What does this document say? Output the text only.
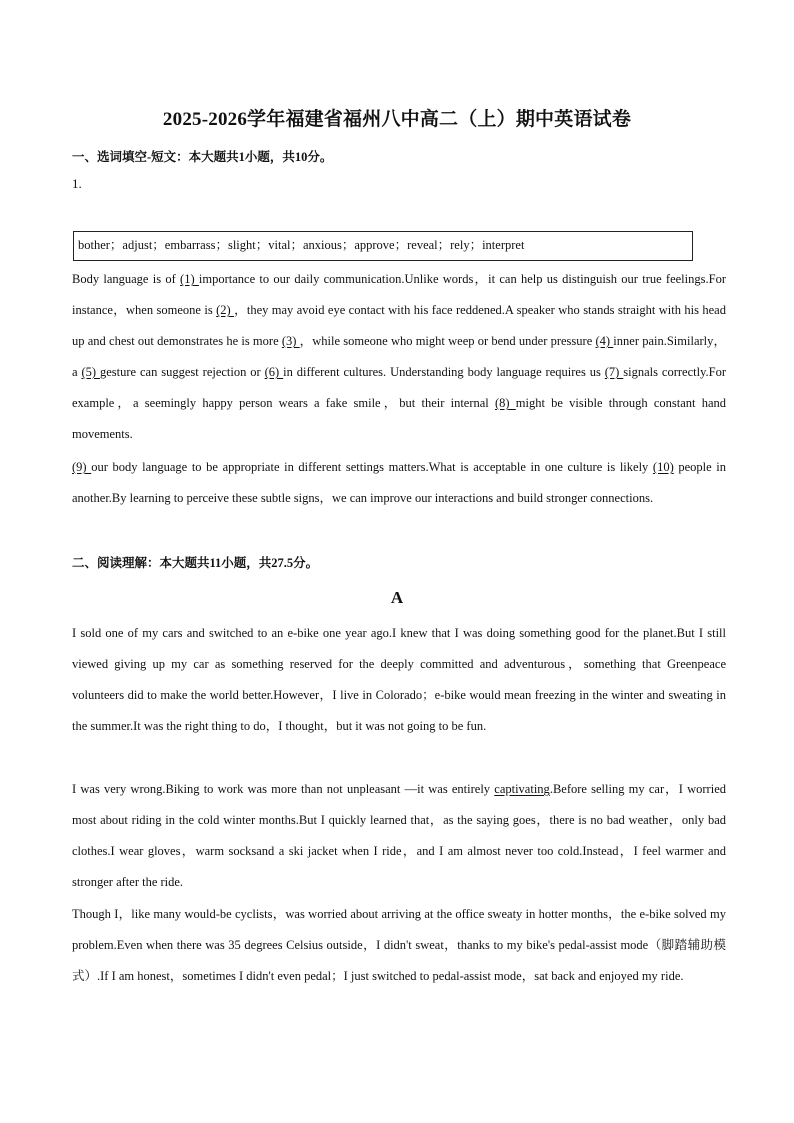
2025-2026学年福建省福州八中高二（上）期中英语试卷
一、选词填空-短文：本大题共1小题，共10分。
1.
bother；adjust；embarrass；slight；vital；anxious；approve；reveal；rely；interpret
Body language is of (1) importance to our daily communication.Unlike words，it can help us distinguish our true feelings.For instance，when someone is (2) ，they may avoid eye contact with his face reddened.A speaker who stands straight with his head up and chest out demonstrates he is more (3) ，while someone who might weep or bend under pressure (4) inner pain.Similarly，a (5) gesture can suggest rejection or (6) in different cultures. Understanding body language requires us (7) signals correctly.For example，a seemingly happy person wears a fake smile，but their internal (8) might be visible through constant hand movements.
(9) our body language to be appropriate in different settings matters.What is acceptable in one culture is likely (10) people in another.By learning to perceive these subtle signs，we can improve our interactions and build stronger connections.
二、阅读理解：本大题共11小题，共27.5分。
A
I sold one of my cars and switched to an e-bike one year ago.I knew that I was doing something good for the planet.But I still viewed giving up my car as something reserved for the deeply committed and adventurous，something that Greenpeace volunteers did to make the world better.However，I live in Colorado；e-bike would mean freezing in the winter and sweating in the summer.It was the right thing to do，I thought，but it was not going to be fun.
I was very wrong.Biking to work was more than not unpleasant —it was entirely captivating.Before selling my car，I worried most about riding in the cold winter months.But I quickly learned that，as the saying goes，there is no bad weather，only bad clothes.I wear gloves，warm socksand a ski jacket when I ride，and I am almost never too cold.Instead，I feel warmer and stronger after the ride.
Though I，like many would-be cyclists，was worried about arriving at the office sweaty in hotter months，the e-bike solved my problem.Even when there was 35 degrees Celsius outside，I didn't sweat，thanks to my bike's pedal-assist mode（脚踏辅助模式）.If I am honest，sometimes I didn't even pedal；I just switched to pedal-assist mode，sat back and enjoyed my ride.
